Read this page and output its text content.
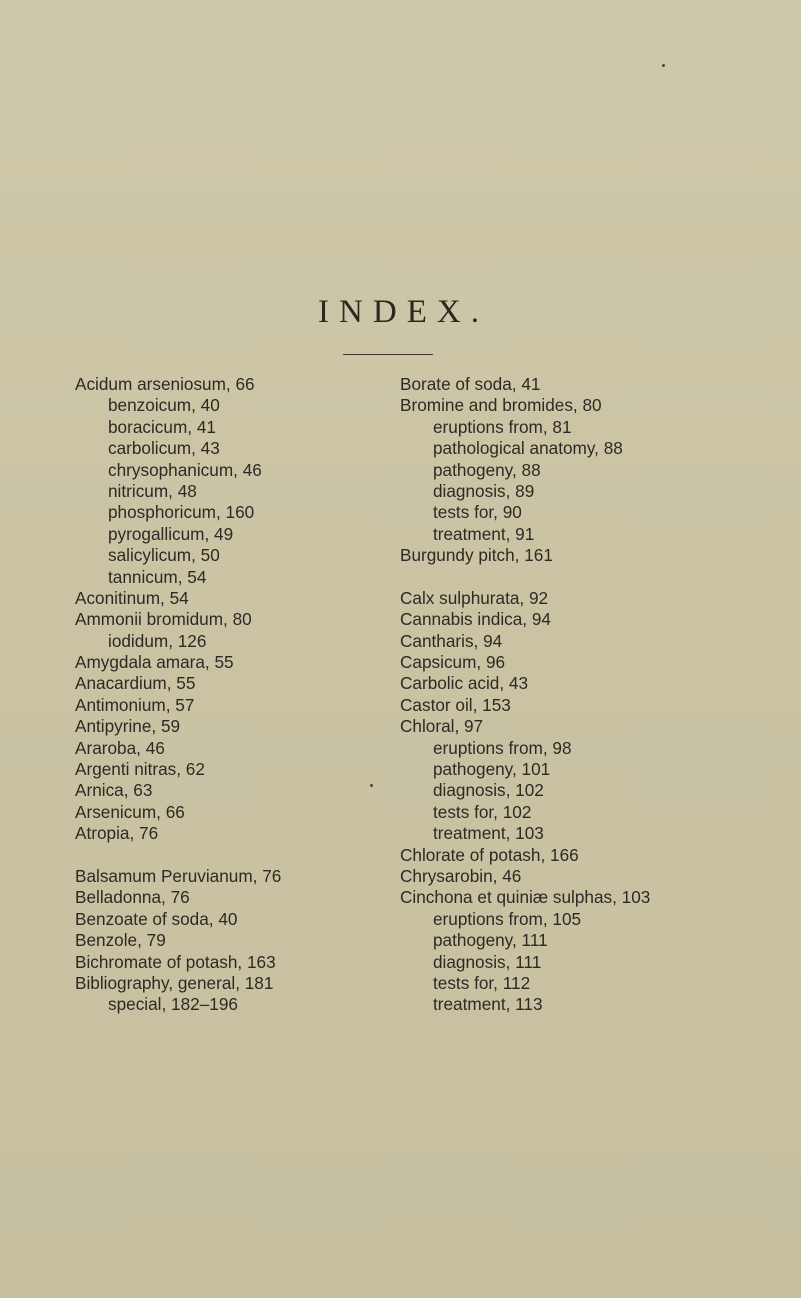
INDEX.
Acidum arseniosum, 66
benzoicum, 40
boracicum, 41
carbolicum, 43
chrysophanicum, 46
nitricum, 48
phosphoricum, 160
pyrogallicum, 49
salicylicum, 50
tannicum, 54
Aconitinum, 54
Ammonii bromidum, 80
iodidum, 126
Amygdala amara, 55
Anacardium, 55
Antimonium, 57
Antipyrine, 59
Araroba, 46
Argenti nitras, 62
Arnica, 63
Arsenicum, 66
Atropia, 76
Balsamum Peruvianum, 76
Belladonna, 76
Benzoate of soda, 40
Benzole, 79
Bichromate of potash, 163
Bibliography, general, 181
special, 182–196
Borate of soda, 41
Bromine and bromides, 80
eruptions from, 81
pathological anatomy, 88
pathogeny, 88
diagnosis, 89
tests for, 90
treatment, 91
Burgundy pitch, 161
Calx sulphurata, 92
Cannabis indica, 94
Cantharis, 94
Capsicum, 96
Carbolic acid, 43
Castor oil, 153
Chloral, 97
eruptions from, 98
pathogeny, 101
diagnosis, 102
tests for, 102
treatment, 103
Chlorate of potash, 166
Chrysarobin, 46
Cinchona et quiniæ sulphas, 103
eruptions from, 105
pathogeny, 111
diagnosis, 111
tests for, 112
treatment, 113
